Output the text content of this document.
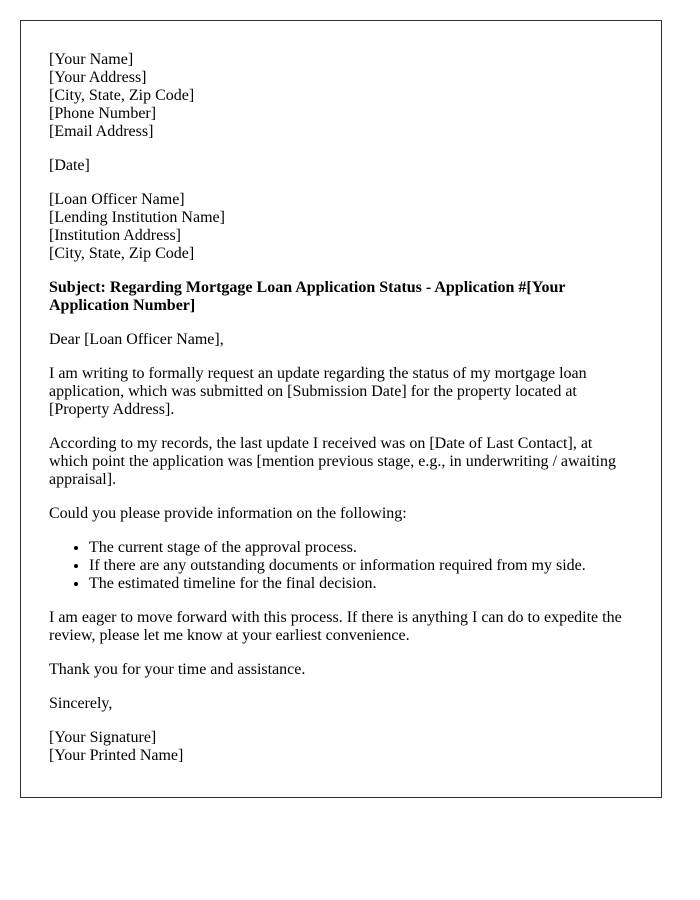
[Your Name]
[Your Address]
[City, State, Zip Code]
[Phone Number]
[Email Address]

[Date]

[Loan Officer Name]
[Lending Institution Name]
[Institution Address]
[City, State, Zip Code]

Subject: Regarding Mortgage Loan Application Status - Application #[Your Application Number]

Dear [Loan Officer Name],

I am writing to formally request an update regarding the status of my mortgage loan application, which was submitted on [Submission Date] for the property located at [Property Address].

According to my records, the last update I received was on [Date of Last Contact], at which point the application was [mention previous stage, e.g., in underwriting / awaiting appraisal].

Could you please provide information on the following:

• The current stage of the approval process.
• If there are any outstanding documents or information required from my side.
• The estimated timeline for the final decision.

I am eager to move forward with this process. If there is anything I can do to expedite the review, please let me know at your earliest convenience.

Thank you for your time and assistance.

Sincerely,

[Your Signature]
[Your Printed Name]
